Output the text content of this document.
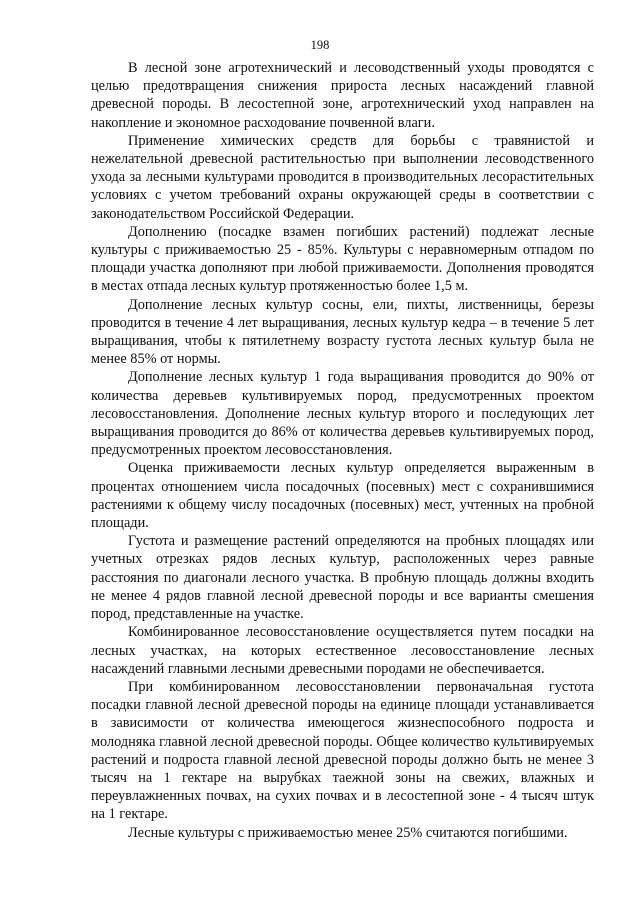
198

В лесной зоне агротехнический и лесоводственный уходы проводятся с целью предотвращения снижения прироста лесных насаждений главной древесной породы. В лесостепной зоне, агротехнический уход направлен на накопление и экономное расходование почвенной влаги.

Применение химических средств для борьбы с травянистой и нежелательной древесной растительностью при выполнении лесоводственного ухода за лесными культурами проводится в производительных лесорастительных условиях с учетом требований охраны окружающей среды в соответствии с законодательством Российской Федерации.

Дополнению (посадке взамен погибших растений) подлежат лесные культуры с приживаемостью 25 - 85%. Культуры с неравномерным отпадом по площади участка дополняют при любой приживаемости. Дополнения проводятся в местах отпада лесных культур протяженностью более 1,5 м.

Дополнение лесных культур сосны, ели, пихты, лиственницы, березы проводится в течение 4 лет выращивания, лесных культур кедра – в течение 5 лет выращивания, чтобы к пятилетнему возрасту густота лесных культур была не менее 85% от нормы.

Дополнение лесных культур 1 года выращивания проводится до 90% от количества деревьев культивируемых пород, предусмотренных проектом лесовосстановления. Дополнение лесных культур второго и последующих лет выращивания проводится до 86% от количества деревьев культивируемых пород, предусмотренных проектом лесовосстановления.

Оценка приживаемости лесных культур определяется выраженным в процентах отношением числа посадочных (посевных) мест с сохранившимися растениями к общему числу посадочных (посевных) мест, учтенных на пробной площади.

Густота и размещение растений определяются на пробных площадях или учетных отрезках рядов лесных культур, расположенных через равные расстояния по диагонали лесного участка. В пробную площадь должны входить не менее 4 рядов главной лесной древесной породы и все варианты смешения пород, представленные на участке.

Комбинированное лесовосстановление осуществляется путем посадки на лесных участках, на которых естественное лесовосстановление лесных насаждений главными лесными древесными породами не обеспечивается.

При комбинированном лесовосстановлении первоначальная густота посадки главной лесной древесной породы на единице площади устанавливается в зависимости от количества имеющегося жизнеспособного подроста и молодняка главной лесной древесной породы. Общее количество культивируемых растений и подроста главной лесной древесной породы должно быть не менее 3 тысяч на 1 гектаре на вырубках таежной зоны на свежих, влажных и переувлажненных почвах, на сухих почвах и в лесостепной зоне - 4 тысяч штук на 1 гектаре.

Лесные культуры с приживаемостью менее 25% считаются погибшими.
